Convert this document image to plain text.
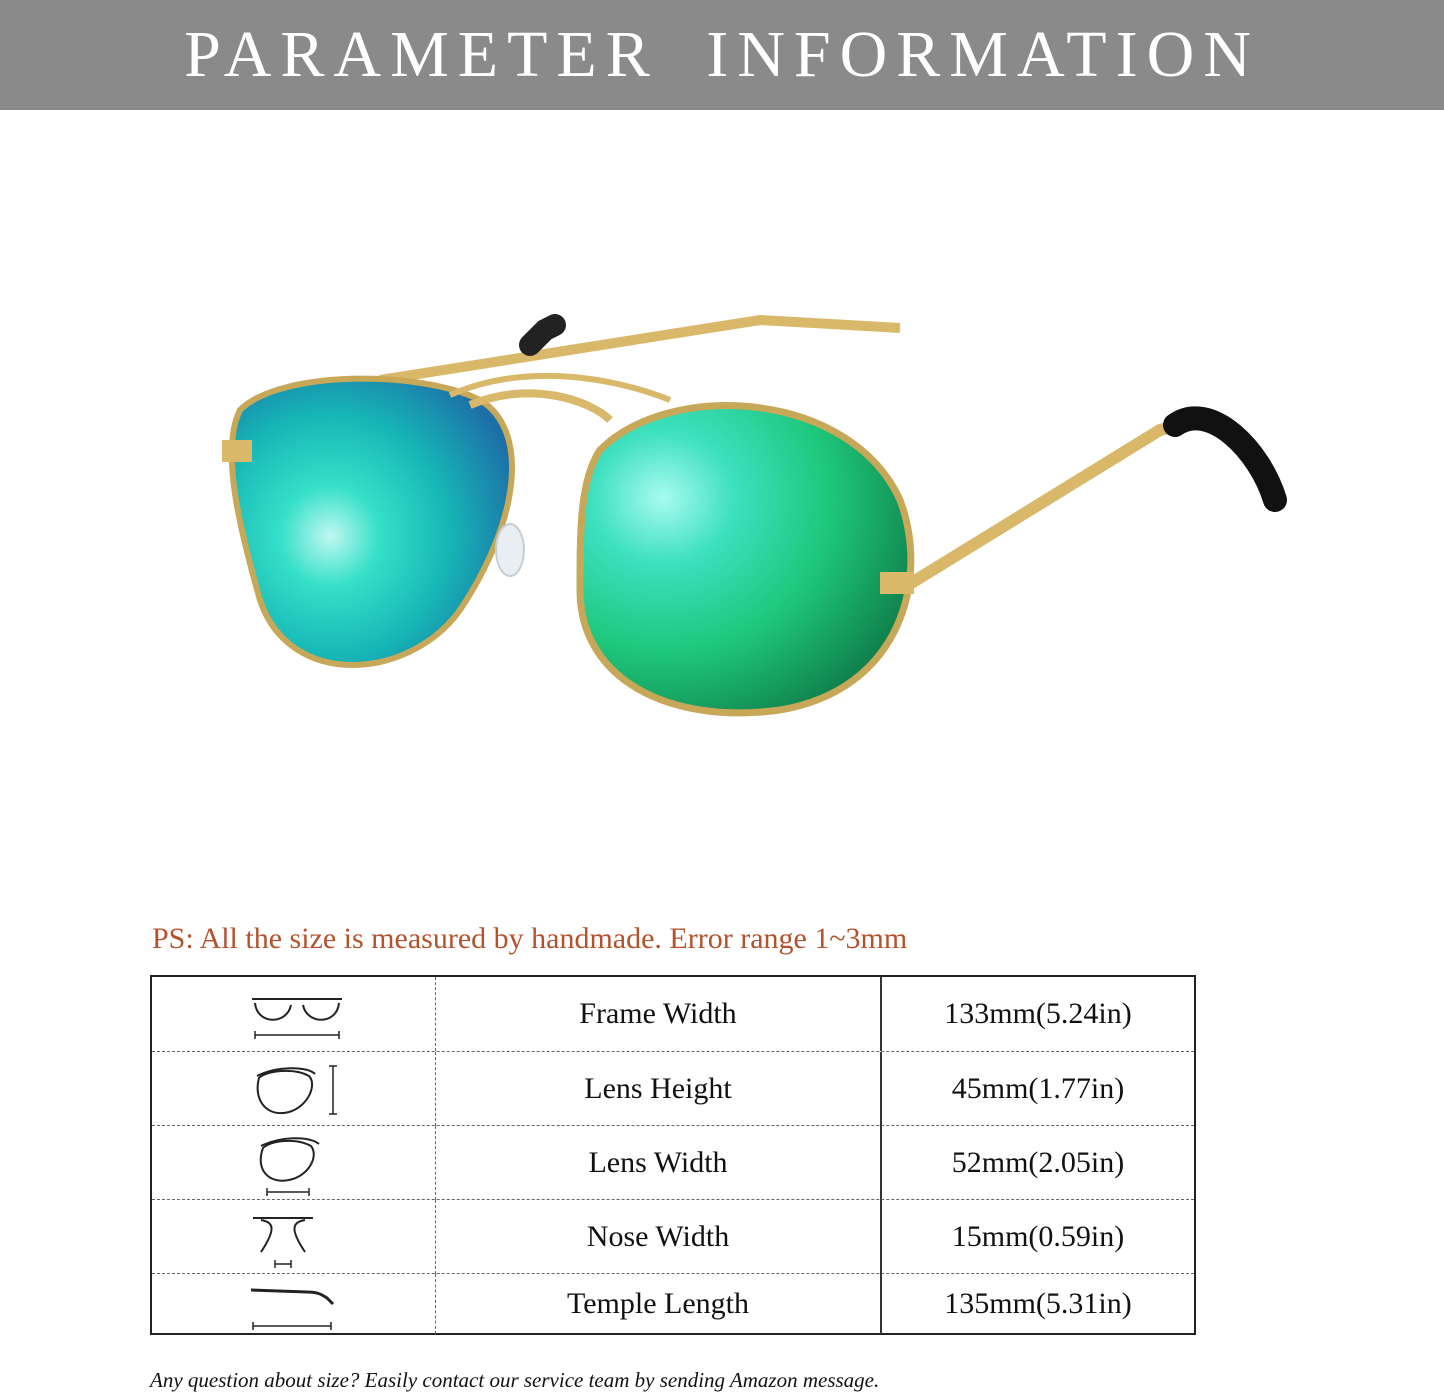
PARAMETER INFORMATION
PS: All the size is measured by handmade. Error range 1~3mm
Frame Width	133mm(5.24in)
Lens Height	45mm(1.77in)
Lens Width	52mm(2.05in)
Nose Width	15mm(0.59in)
Temple Length	135mm(5.31in)
Any question about size? Easily contact our service team by sending Amazon message.
